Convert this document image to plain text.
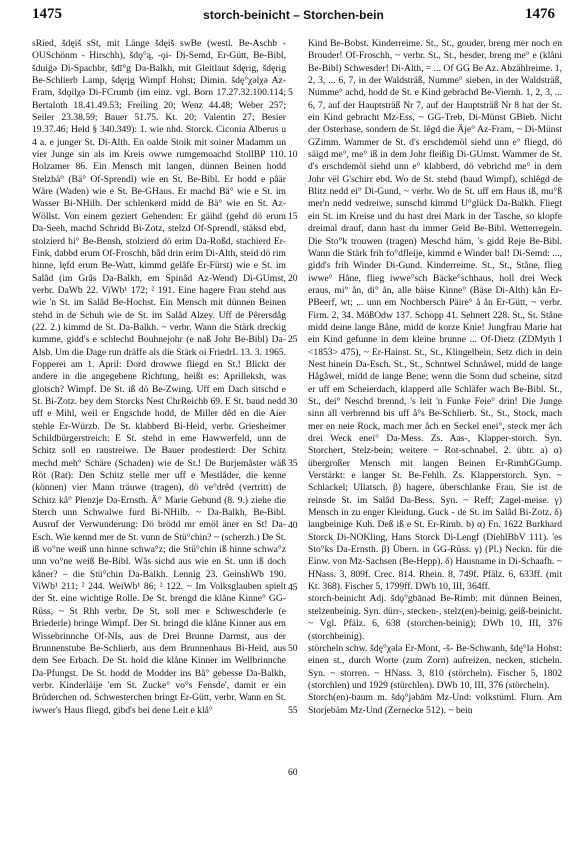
1475	storch-beinicht – Storchen-bein	1476

sRied, šdęiš sSt, mit Länge šdęiš swBe (westl. Be-Aschb - OUSchönm - Hirschh), šdǫ°ą, -ǫi- Di-Semd, Er-Gütt, Be-Bibl, šduig̈ə Di-Spachbr, šdī°g Da-Balkh, mit Gleitlaut šdęrig, šdęrig Be-Schlierb Lamp, šdęrįg Wimpf Hohst; Dimin. šdę°χəlχə Az-Fram, šdǫilχə Di-FCrumb (im einz. vgl. Born 17.27.32.100.114; Bertaloth 18.41.49.53; Freiling 20; Wenz 44.48; Weber 257; Seiler 23.38.59; Bauer 51.75. Kt. 20; Valentin 27; Besier 19.37.46; Held § 340.349): 1. wie nhd. Storck. Ciconia Alberus u 4 a. e junger St. Di-Alth. En oalde Stoik mit soiner Madamm un vier Junge sin als im Kreis owwe rumgemoachd StollBP 110. Holzamer 86. Ein Mensch mit langen, dünnen Beinen hodd Stelzbä° (Bä° Of-Sprendl) wie en St. Be-Bibl. Er hodd e pâär Wäre (Waden) wie e St. Be-GHaus. Er machd Bä° wie e St. im Wasser Bi-NHilb. Der schlenkerd midd de Bä° wie en St. Az-Wöllst. Von einem geziert Gehenden: Er gäihd (gehd dö erum Da-Seeh, machd Schridd Bi-Zotz, stelzd Of-Sprendl, stäksd ebd, stolzierd hi° Be-Bensh, stolzierd dö erim Da-Roßd, stachierd Er-Fink, dabbd erum Of-Froschh, bâd drin erim Di-Alth, steid dö rim hinne, lęfd erum Be-Watt, kimmd gelâfe Er-Fürst) wie e St. im Salâd (im Grâs Da-Balkh, em Spinâd Az-Wend) Di-GUmst, verbr. DaWb 22. ViWb¹ 172; ² 191. Eine hagere Frau stehd aus wie 'n St. im Salâd Be-Hochst. Ein Mensch mit dünnen Beinen stehd in de Schuh wie de St. im Salâd Alzey. Uff de Pêrersdåg (22. 2.) kimmd de St. Da-Balkh. ~ verbr. Wann die Stärk dreckig kumme, gidd's e schlechd Bouhnejohr (e naß Johr Be-Bibl) Da-Alsb. Um die Dage run dräffe als die Stärk oi FriedrL 13. 3. 1965. Fopperei am 1. April: Dord drowwe fliegd en St.! Blickt der andere in die angegebene Richtung, heißt es: Aprilleksh, was glotsch? Wimpf. De St. iß dö Be-Zwing. Uff em Dach sitschd e St. Bi-Zotz. bey dem Storcks Nest ChrReichb 69. E St. baud nedd uff e Mihl, weil er Engschde hodd, de Miller dêd en die Aier stehle Er-Würzb. De St. klabberd Bi-Heid, verbr. Griesheimer Schildbürgerstreich: E St. stehd in eme Hawwerfeld, unn de Schitz soll en raustreiwe. De Bauer prodestierd: Der Schitz mechd meh° Schäre (Schaden) wie de St.! De Burjemåster wäß Röt (Rat): Den Schitz stelle mer uff e Mestlåder, die kenne (können) vier Mann träuwe (tragen), dö ve°drêd (vertritt) de Schitz kå° Plenzje Da-Ernsth. Ä° Marie Gebund (8. 9.) ziehe die Sterch unn Schwalwe furd Bi-NHilb. ~ Da-Balkh, Be-Bibl. Ausruf der Verwunderung: Dö brödd mr emöl äner en St! Da-Esch. Wie kennd mer de St. vunn de Stü°chin? ~ (scherzh.) De St. iß vo°ne weiß unn hinne schwa°z; die Stü°chin iß hinne schwa°z unn vo°ne weiß Be-Bibl. Wås sichd aus wie en St. unn iß doch kåner? – die Stü°chin Da-Balkh. Lennig 23. GeinshWb 190. ViWb¹ 211; ² 244. WeiWb¹ 86; ² 122. ~ Im Volksglauben spielt der St. eine wichtige Rolle. De St. brengd die klåne Kinne° GG-Rüss, ~ St Rhh verbr. De St. soll mer e Schweschderle (e Briederle) bringe Wimpf. Der St. bringd die klåne Kinner aus em Wissebrinnche Of-NIs, aus de Drei Brunne Darmst, aus der Brunnenstube Be-Schlierb, aus dem Brunnenhaus Bi-Heid, aus dem See Erbach. De St. hold die klåne Kinner im Wellbrinnche Da-Pfungst. De St. hodd de Modder ins Bâ° gebesse Da-Balkh, verbr. Kinderläije 'em St. Zucke° vo°s Fensde', damit er ein Brüderchen od. Schwesterchen bringt Er-Gütt, verbr. Wann en St. iwwer's Haus fliegd, gibd's bei dene Leit e klå°

5
10
15
20
25
30
35
40
45
50
55
60

Kind Be-Bobst. Kinderreime. St., St., gouder, breng mer noch en Brouder! Of-Froschh, ~ verbr. St., St., besder, breng me° e (klåni Be-Bibl) Schwesder! Di-Alth, = ... Of GG Be Az. Abzählreime. 1, 2, 3, ... 6, 7, in der Waldsträß, Numme° sieben, in der Waldsträß, Numme° achd, hodd de St. e Kind gebrachd Be-Viernh. 1, 2, 3, ... 6, 7, auf der Hauptsträß Nr 7, auf der Hauptsträß Nr 8 hat der St. ein Kind gebracht Mz-Ess, ~ GG-Treb, Di-Münst GBieb. Nicht der Osterhase, sondern de St. lêgd die Äje° Az-Fram, ~ Di-Münst GZimm. Wammer de St. d's erschdemöl siehd unn e° fliegd, dö säigd me°, me° iß in dem Johr fleißig Di-GUmst. Wammer de St. d's erschdemöl siehd unn e° klabberd, dö vebrichd me° in dem Johr vël G'schirr ebd. Wo de St. stehd (baud Wimpf), schlêgd de Blitz nedd ei° Di-Gund, ~ verbr. Wo de St. uff em Haus iß, mu°ß mer'n nedd vedreiwe, sunschd kimmd U°glück Da-Balkh. Fliegt ein St. im Kreise und du hast drei Mark in der Tasche, so klopfe dreimal drauf, dann hast du immer Geld Be-Bibl. Wetterregeln. Die Sto°k trouwen (tragen) Meschd häm, 's gidd Reje Be-Bibl. Wann die Stärk frih fo°dfleije, kimmd e Winder bal! Di-Semd: ..., gidd's frih Winder Di-Gund. Kinderreime. St., St., Ståne, flieg iwwe° Håne, flieg iwwe°sch Bäcke°schhaus, holl drei Weck eraus, mi° ån, di° ån, alle bäise Kinne° (Bäse Di-Alth) kån Er-PBeerf, wt; ... unn em Nochbersch Päire° å ån Er-Gütt, ~ verbr. Firm. 2, 34. MößOdw 137. Schopp 41. Sehnert 228. St., St. Ståne midd deine lange Båne, midd de korze Knie! Jungfrau Marie hat ein Kind gefunne in dem kleine brunne ... Of-Dietz (ZDMyth I <1853> 475), ~ Er-Hainst. St., St., Klingelbein, Setz dich in dein Nest hinein Da-Esch. St., St., Schntwel Schnåwel, midd de lange Hågåwel, midd de lange Bene; wenn die Sonn dud scheine, sitzd er uff em Scheierdach, klapperd alle Schläfer wach Be-Bibl. St., St., dei° Neschd brennd, 's leit 'n Funke Feie° drin! Die Junge sinn all verbrennd bis uff å°s Be-Schlierb. St., St., Stock, mach mer en neie Rock, mach mer åch en Seckel enei°, steck mer åch drei Weck enei° Da-Mess. Zs. Aas-, Klapper-storch. Syn. Storchert, Stelz-bein; weitere ~ Rot-schnabel. 2. übtr. a) α) übergroßer Mensch mit langen Beinen Er-RimhGGump. Verstärkt: e langer St. Be-Fehlh. Zs. Klapperstorch. Syn. ~ Schlackel; Ullatsch. β) hagere, überschlanke Frau. Sie ist de reinsde St. im Salâd Da-Bess. Syn. ~ Reff; Zagel-meise. γ) Mensch in zu enger Kleidung. Guck - de St. im Salâd Bi-Zotz. δ) langbeinige Kuh. Deß iß e St. Er-Rimb. b) α) Fn. 1622 Burkhard Storck Di-NOKling, Hans Storck Di-Lengf (DiehlBbV 111). 'es Sto°ks Da-Ernsth. β) Übern. in GG-Rüss. γ) (Pl.) Neckn. für die Einw. von Mz-Sachsen (Be-Hepp). δ) Hausname in Di-Schaafh. ~ HNass. 3, 809f. Crec. 814. Rhein. 8, 749f. Pfälz. 6, 633ff. (mit Kt. 368). Fischer 5, 1799ff. DWb 10, III, 364ff.

storch-beinicht Adj. šdǫ°gbānəd Be-Rimb: mit dünnen Beinen, stelzenbeinig. Syn. dürr-, stecken-, stelz(en)-beinig, geiß-beinicht. ~ Vgl. Pfälz. 6, 638 (storchen-beinig); DWb 10, III, 376 (storchbeinig).

störcheln schw. šdę°χələ Er-Mont, -š- Be-Schwanh, šdę°lə Hohst: einen st., durch Worte (zum Zorn) aufreizen, necken, sticheln. Syn. ~ storren. ~ HNass. 3, 810 (störcheln). Fischer 5, 1802 (storchlen) und 1929 (stürchlen). DWb 10, III, 376 (störcheln).

Storch(en)-baum m. šdǫ°jəbām Mz-Und: volkstüml. Flurn. Am Storjebäm Mz-Und (Zernecke 512). ~ bein
